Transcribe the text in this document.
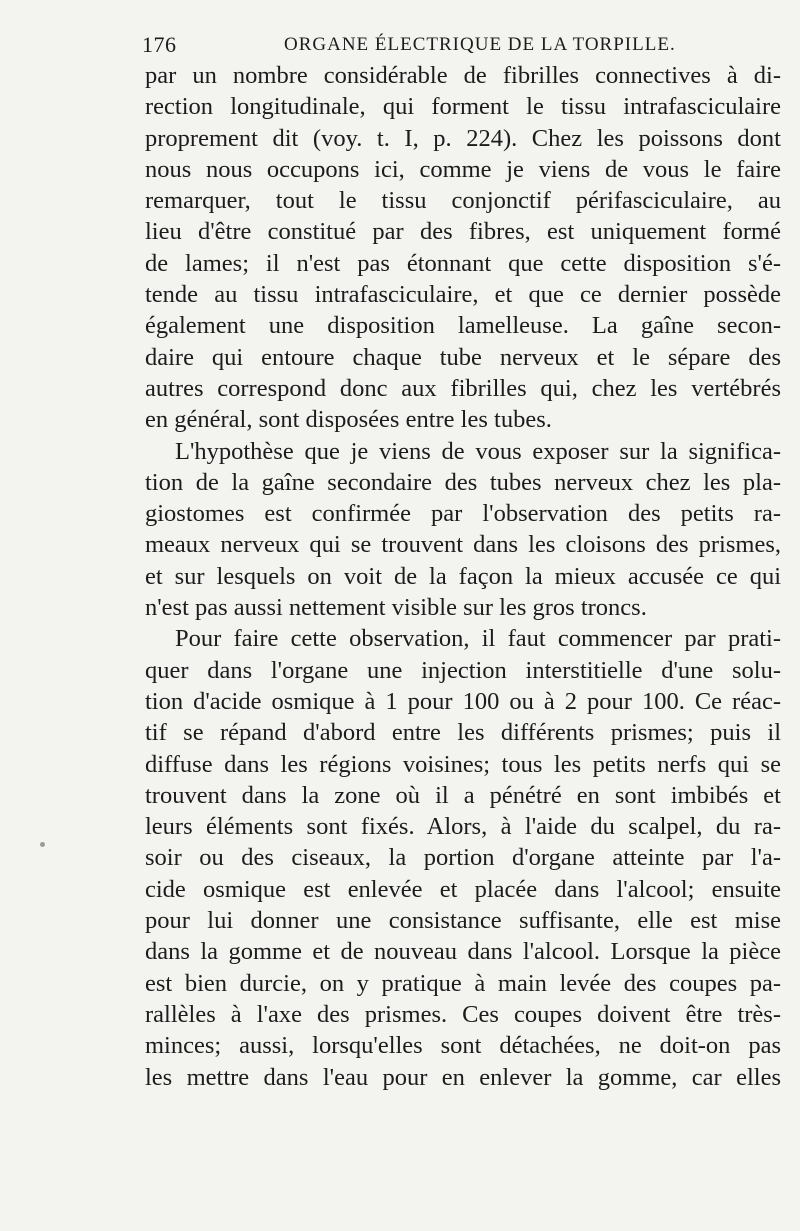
176	ORGANE ÉLECTRIQUE DE LA TORPILLE.
par un nombre considérable de fibrilles connectives à di-
rection longitudinale, qui forment le tissu intrafasciculaire
proprement dit (voy. t. I, p. 224). Chez les poissons dont
nous nous occupons ici, comme je viens de vous le faire
remarquer, tout le tissu conjonctif périfasciculaire, au
lieu d'être constitué par des fibres, est uniquement formé
de lames; il n'est pas étonnant que cette disposition s'é-
tende au tissu intrafasciculaire, et que ce dernier possède
également une disposition lamelleuse. La gaîne secon-
daire qui entoure chaque tube nerveux et le sépare des
autres correspond donc aux fibrilles qui, chez les vertébrés
en général, sont disposées entre les tubes.
L'hypothèse que je viens de vous exposer sur la significa-
tion de la gaîne secondaire des tubes nerveux chez les pla-
giostomes est confirmée par l'observation des petits ra-
meaux nerveux qui se trouvent dans les cloisons des prismes,
et sur lesquels on voit de la façon la mieux accusée ce qui
n'est pas aussi nettement visible sur les gros troncs.
Pour faire cette observation, il faut commencer par prati-
quer dans l'organe une injection interstitielle d'une solu-
tion d'acide osmique à 1 pour 100 ou à 2 pour 100. Ce réac-
tif se répand d'abord entre les différents prismes; puis il
diffuse dans les régions voisines; tous les petits nerfs qui se
trouvent dans la zone où il a pénétré en sont imbibés et
leurs éléments sont fixés. Alors, à l'aide du scalpel, du ra-
soir ou des ciseaux, la portion d'organe atteinte par l'a-
cide osmique est enlevée et placée dans l'alcool; ensuite
pour lui donner une consistance suffisante, elle est mise
dans la gomme et de nouveau dans l'alcool. Lorsque la pièce
est bien durcie, on y pratique à main levée des coupes pa-
rallèles à l'axe des prismes. Ces coupes doivent être très-
minces; aussi, lorsqu'elles sont détachées, ne doit-on pas
les mettre dans l'eau pour en enlever la gomme, car elles
